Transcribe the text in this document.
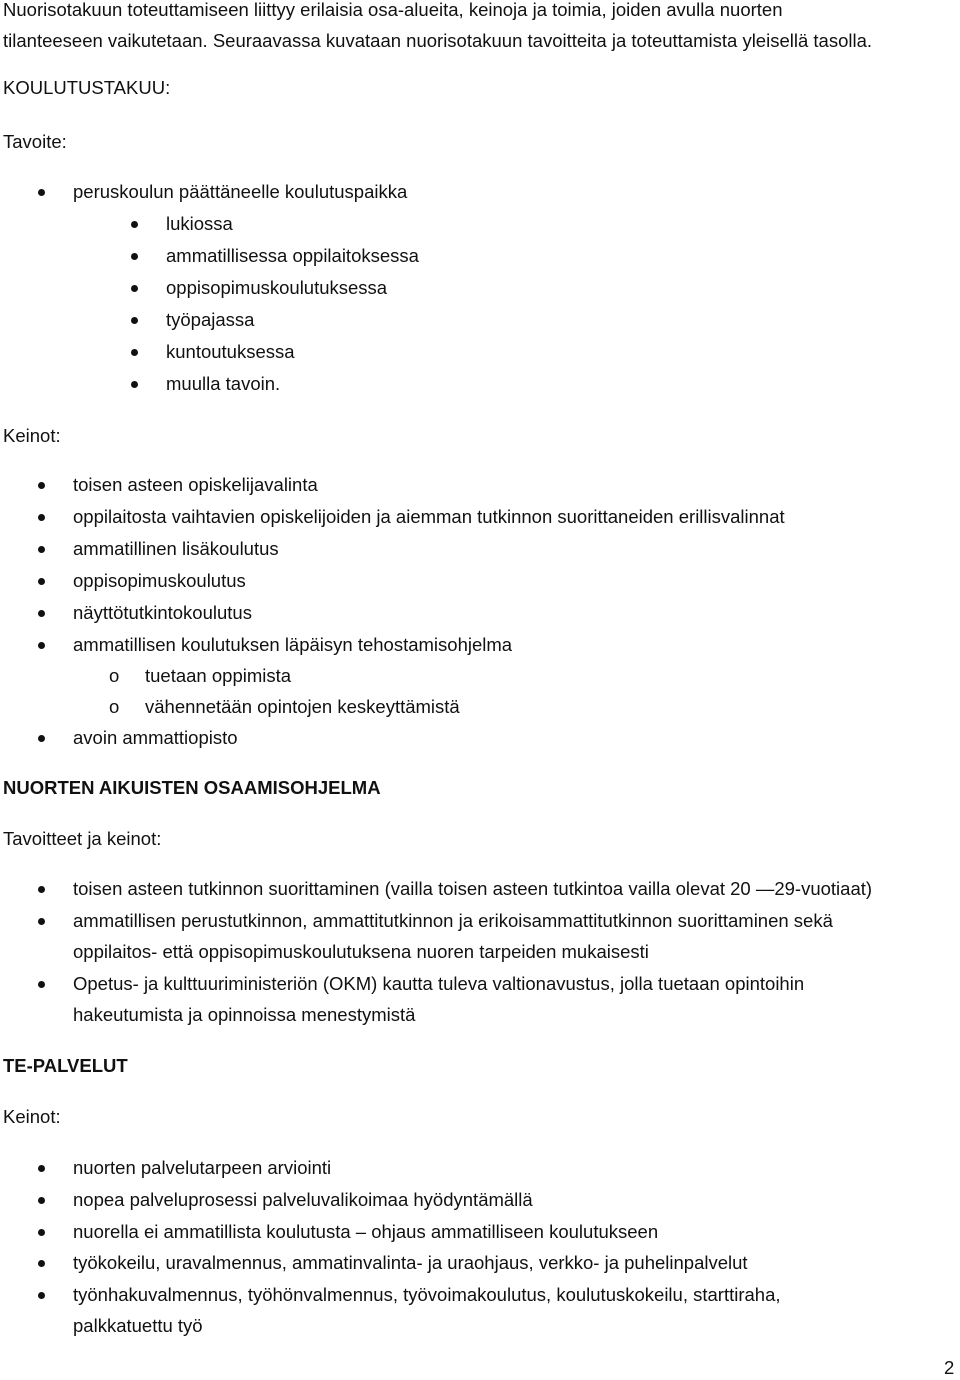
Nuorisotakuun toteuttamiseen liittyy erilaisia osa-alueita, keinoja ja toimia, joiden avulla nuorten
tilanteeseen vaikutetaan. Seuraavassa kuvataan nuorisotakuun tavoitteita ja toteuttamista yleisellä tasolla.
KOULUTUSTAKUU:
Tavoite:
peruskoulun päättäneelle koulutuspaikka
lukiossa
ammatillisessa oppilaitoksessa
oppisopimuskoulutuksessa
työpajassa
kuntoutuksessa
muulla tavoin.
Keinot:
toisen asteen opiskelijavalinta
oppilaitosta vaihtavien opiskelijoiden ja aiemman tutkinnon suorittaneiden erillisvalinnat
ammatillinen lisäkoulutus
oppisopimuskoulutus
näyttötutkintokoulutus
ammatillisen koulutuksen läpäisyn tehostamisohjelma
o tuetaan oppimista
o vähennetään opintojen keskeyttämistä
avoin ammattiopisto
NUORTEN AIKUISTEN OSAAMISOHJELMA
Tavoitteet ja keinot:
toisen asteen tutkinnon suorittaminen (vailla toisen asteen tutkintoa vailla olevat 20 —29-vuotiaat)
ammatillisen perustutkinnon, ammattitutkinnon ja erikoisammattitutkinnon suorittaminen sekä
oppilaitos- että oppisopimuskoulutuksena nuoren tarpeiden mukaisesti
Opetus- ja kulttuuriministeriön (OKM) kautta tuleva valtionavustus, jolla tuetaan opintoihin
hakeutumista ja opinnoissa menestymistä
TE-PALVELUT
Keinot:
nuorten palvelutarpeen arviointi
nopea palveluprosessi palveluvalikoimaa hyödyntämällä
nuorella ei ammatillista koulutusta – ohjaus ammatilliseen koulutukseen
työkokeilu, uravalmennus, ammatinvalinta- ja uraohjaus, verkko- ja puhelinpalvelut
työnhakuvalmennus, työhönvalmennus, työvoimakoulutus, koulutuskokeilu, starttiraha,
palkkatuettu työ
2
